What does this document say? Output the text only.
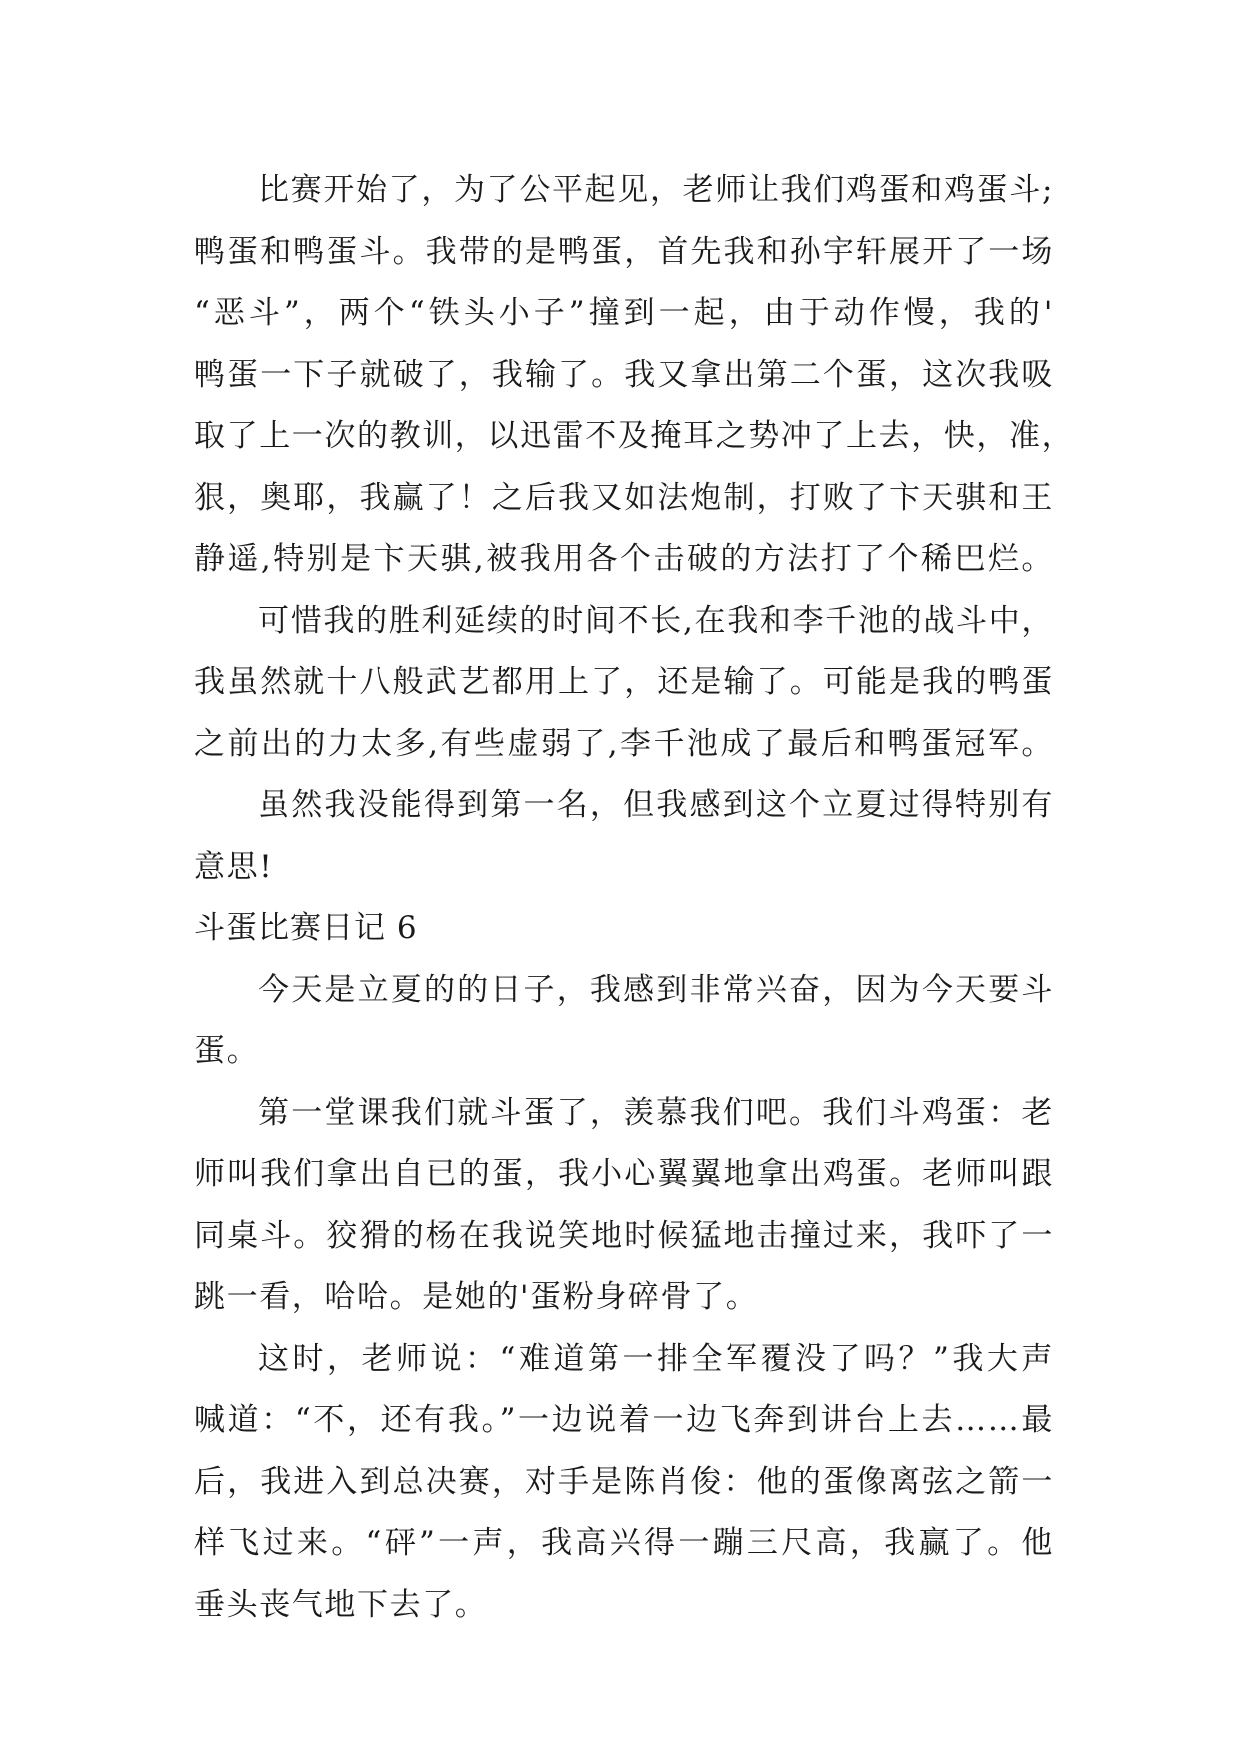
比赛开始了，为了公平起见，老师让我们鸡蛋和鸡蛋斗;
鸭蛋和鸭蛋斗。我带的是鸭蛋，首先我和孙宇轩展开了一场
“恶斗”，两个“铁头小子”撞到一起，由于动作慢，我的'
鸭蛋一下子就破了，我输了。我又拿出第二个蛋，这次我吸
取了上一次的教训，以迅雷不及掩耳之势冲了上去，快，准，
狠，奥耶，我赢了！之后我又如法炮制，打败了卞天骐和王
静遥,特别是卞天骐,被我用各个击破的方法打了个稀巴烂。
可惜我的胜利延续的时间不长,在我和李千池的战斗中，
我虽然就十八般武艺都用上了，还是输了。可能是我的鸭蛋
之前出的力太多,有些虚弱了,李千池成了最后和鸭蛋冠军。
虽然我没能得到第一名，但我感到这个立夏过得特别有
意思!
斗蛋比赛日记 6
今天是立夏的的日子，我感到非常兴奋，因为今天要斗
蛋。
第一堂课我们就斗蛋了，羡慕我们吧。我们斗鸡蛋：老
师叫我们拿出自已的蛋，我小心翼翼地拿出鸡蛋。老师叫跟
同桌斗。狡猾的杨在我说笑地时候猛地击撞过来，我吓了一
跳一看，哈哈。是她的'蛋粉身碎骨了。
这时，老师说：“难道第一排全军覆没了吗？”我大声
喊道：“不，还有我。”一边说着一边飞奔到讲台上去……最
后，我进入到总决赛，对手是陈肖俊：他的蛋像离弦之箭一
样飞过来。“砰”一声，我高兴得一蹦三尺高，我赢了。他
垂头丧气地下去了。
